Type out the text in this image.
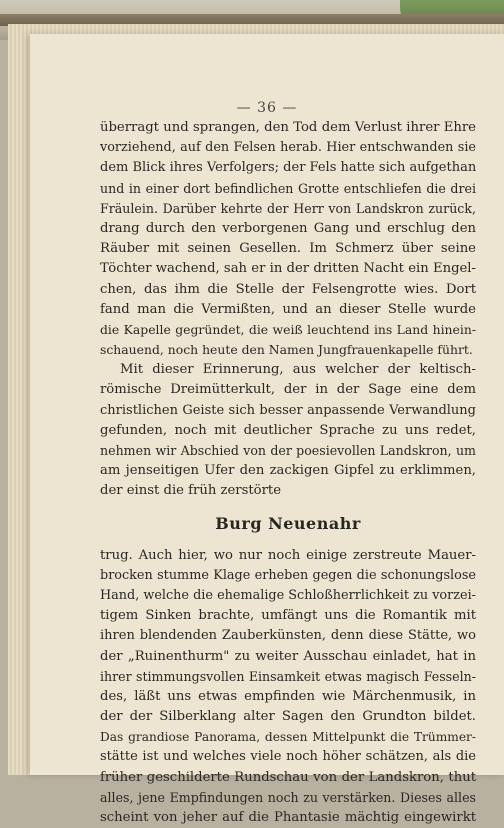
— 36 —
überragt und sprangen, den Tod dem Verlust ihrer Ehre
vorziehend, auf den Felsen herab. Hier entschwanden sie
dem Blick ihres Verfolgers; der Fels hatte sich aufgethan
und in einer dort befindlichen Grotte entschliefen die drei
Fräulein. Darüber kehrte der Herr von Landskron zurück,
drang durch den verborgenen Gang und erschlug den
Räuber mit seinen Gesellen. Im Schmerz über seine
Töchter wachend, sah er in der dritten Nacht ein Engel-
chen, das ihm die Stelle der Felsengrotte wies. Dort
fand man die Vermißten, und an dieser Stelle wurde
die Kapelle gegründet, die weiß leuchtend ins Land hinein-
schauend, noch heute den Namen Jungfrauenkapelle führt.
Mit dieser Erinnerung, aus welcher der keltisch-
römische Dreimütterkult, der in der Sage eine dem
christlichen Geiste sich besser anpassende Verwandlung
gefunden, noch mit deutlicher Sprache zu uns redet,
nehmen wir Abschied von der poesievollen Landskron, um
am jenseitigen Ufer den zackigen Gipfel zu erklimmen,
der einst die früh zerstörte
Burg Neuenahr
trug. Auch hier, wo nur noch einige zerstreute Mauer-
brocken stumme Klage erheben gegen die schonungslose
Hand, welche die ehemalige Schloßherrlichkeit zu vorzei-
tigem Sinken brachte, umfängt uns die Romantik mit
ihren blendenden Zauberkünsten, denn diese Stätte, wo
der „Ruinenthurm" zu weiter Ausschau einladet, hat in
ihrer stimmungsvollen Einsamkeit etwas magisch Fesseln-
des, läßt uns etwas empfinden wie Märchenmusik, in
der der Silberklang alter Sagen den Grundton bildet.
Das grandiose Panorama, dessen Mittelpunkt die Trümmer-
stätte ist und welches viele noch höher schätzen, als die
früher geschilderte Rundschau von der Landskron, thut
alles, jene Empfindungen noch zu verstärken. Dieses alles
scheint von jeher auf die Phantasie mächtig eingewirkt
